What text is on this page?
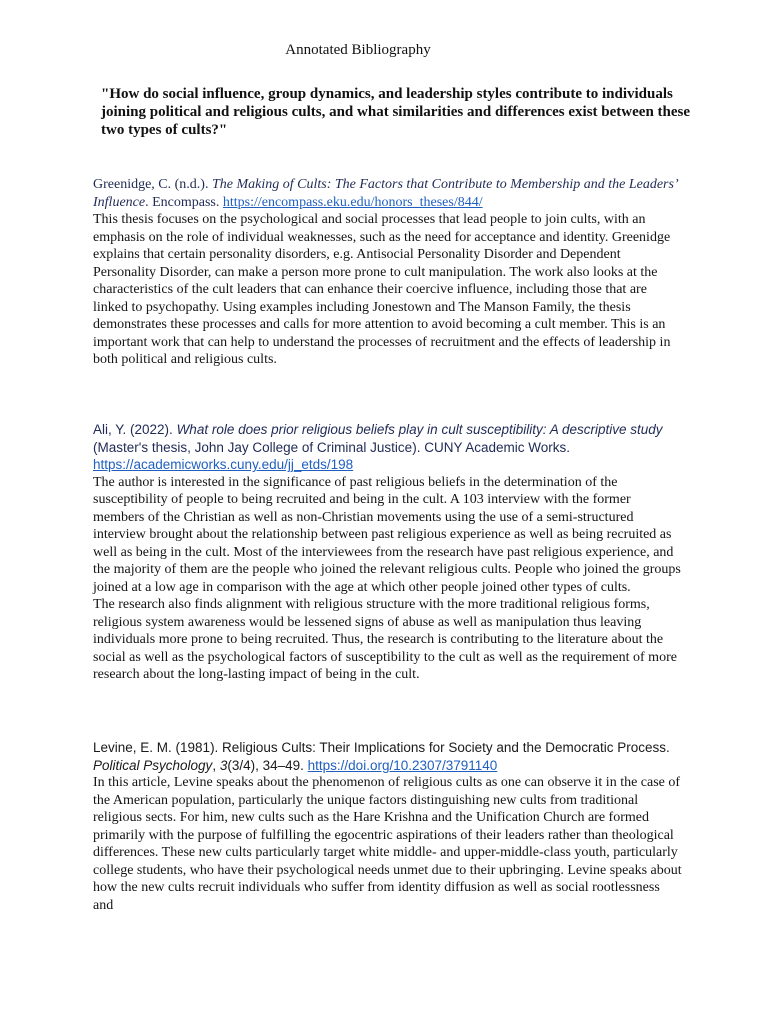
Annotated Bibliography
"How do social influence, group dynamics, and leadership styles contribute to individuals joining political and religious cults, and what similarities and differences exist between these two types of cults?"
Greenidge, C. (n.d.). The Making of Cults: The Factors that Contribute to Membership and the Leaders’ Influence. Encompass. https://encompass.eku.edu/honors_theses/844/

This thesis focuses on the psychological and social processes that lead people to join cults, with an emphasis on the role of individual weaknesses, such as the need for acceptance and identity. Greenidge explains that certain personality disorders, e.g. Antisocial Personality Disorder and Dependent Personality Disorder, can make a person more prone to cult manipulation. The work also looks at the characteristics of the cult leaders that can enhance their coercive influence, including those that are linked to psychopathy. Using examples including Jonestown and The Manson Family, the thesis demonstrates these processes and calls for more attention to avoid becoming a cult member. This is an important work that can help to understand the processes of recruitment and the effects of leadership in both political and religious cults.

Ali, Y. (2022). What role does prior religious beliefs play in cult susceptibility: A descriptive study (Master's thesis, John Jay College of Criminal Justice). CUNY Academic Works.
https://academicworks.cuny.edu/jj_etds/198

The author is interested in the significance of past religious beliefs in the determination of the susceptibility of people to being recruited and being in the cult. A 103 interview with the former members of the Christian as well as non-Christian movements using the use of a semi-structured interview brought about the relationship between past religious experience as well as being recruited as well as being in the cult. Most of the interviewees from the research have past religious experience, and the majority of them are the people who joined the relevant religious cults. People who joined the groups joined at a low age in comparison with the age at which other people joined other types of cults.

The research also finds alignment with religious structure with the more traditional religious forms, religious system awareness would be lessened signs of abuse as well as manipulation thus leaving individuals more prone to being recruited. Thus, the research is contributing to the literature about the social as well as the psychological factors of susceptibility to the cult as well as the requirement of more research about the long-lasting impact of being in the cult.

Levine, E. M. (1981). Religious Cults: Their Implications for Society and the Democratic Process. Political Psychology, 3(3/4), 34–49. https://doi.org/10.2307/3791140

In this article, Levine speaks about the phenomenon of religious cults as one can observe it in the case of the American population, particularly the unique factors distinguishing new cults from traditional religious sects. For him, new cults such as the Hare Krishna and the Unification Church are formed primarily with the purpose of fulfilling the egocentric aspirations of their leaders rather than theological differences. These new cults particularly target white middle- and upper-middle-class youth, particularly college students, who have their psychological needs unmet due to their upbringing. Levine speaks about how the new cults recruit individuals who suffer from identity diffusion as well as social rootlessness and
